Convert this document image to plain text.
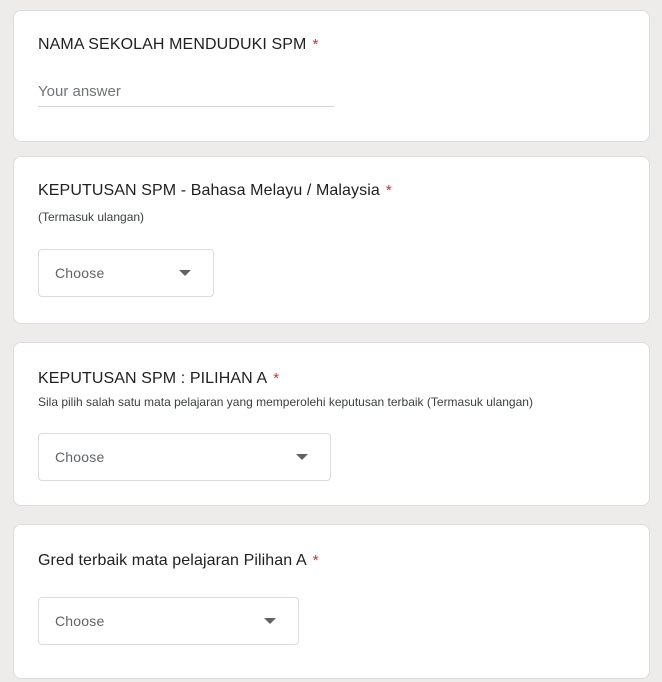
NAMA SEKOLAH MENDUDUKI SPM *
Your answer
KEPUTUSAN SPM - Bahasa Melayu / Malaysia *
(Termasuk ulangan)
Choose
KEPUTUSAN SPM : PILIHAN A *
Sila pilih salah satu mata pelajaran yang memperolehi keputusan terbaik (Termasuk ulangan)
Choose
Gred terbaik mata pelajaran Pilihan A *
Choose
